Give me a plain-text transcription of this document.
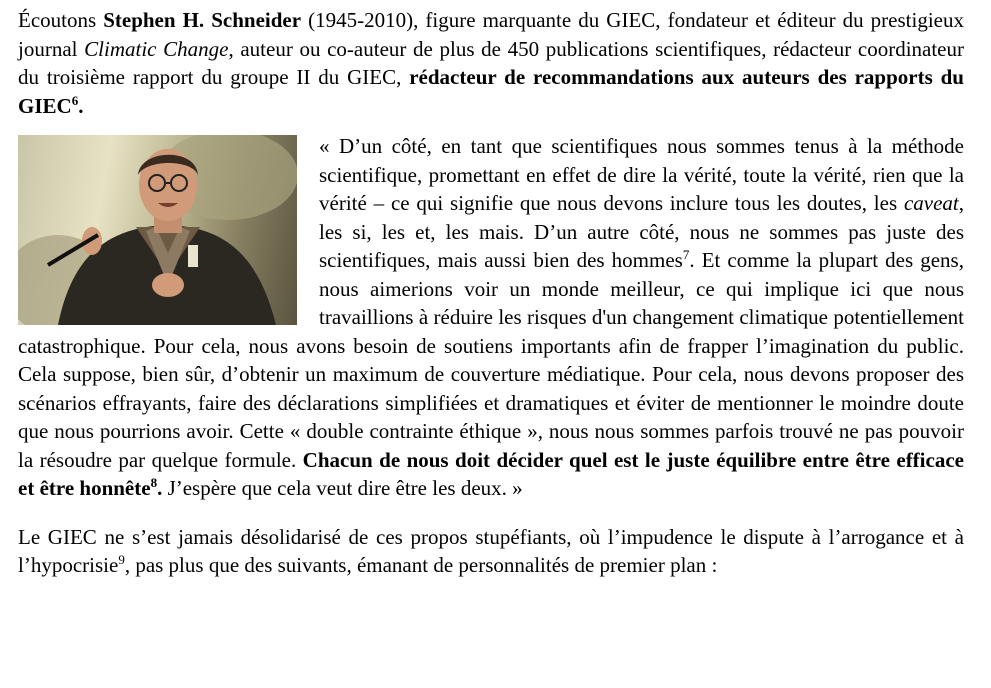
Écoutons Stephen H. Schneider (1945-2010), figure marquante du GIEC, fondateur et éditeur du prestigieux journal Climatic Change, auteur ou co-auteur de plus de 450 publications scientifiques, rédacteur coordinateur du troisième rapport du groupe II du GIEC, rédacteur de recommandations aux auteurs des rapports du GIEC$^6$.

« D’un côté, en tant que scientifiques nous sommes tenus à la méthode scientifique, promettant en effet de dire la vérité, toute la vérité, rien que la vérité – ce qui signifie que nous devons inclure tous les doutes, les caveat, les si, les et, les mais. D’un autre côté, nous ne sommes pas juste des scientifiques, mais aussi bien des hommes$^7$. Et comme la plupart des gens, nous aimerions voir un monde meilleur, ce qui implique ici que nous travaillions à réduire les risques d'un changement climatique potentiellement catastrophique. Pour cela, nous avons besoin de soutiens importants afin de frapper l’imagination du public. Cela suppose, bien sûr, d’obtenir un maximum de couverture médiatique. Pour cela, nous devons proposer des scénarios effrayants, faire des déclarations simplifiées et dramatiques et éviter de mentionner le moindre doute que nous pourrions avoir. Cette « double contrainte éthique », nous nous sommes parfois trouvé ne pas pouvoir la résoudre par quelque formule. Chacun de nous doit décider quel est le juste équilibre entre être efficace et être honnête$^8$. J’espère que cela veut dire être les deux. »

Le GIEC ne s’est jamais désolidarisé de ces propos stupéfiants, où l’impudence le dispute à l’arrogance et à l’hypocrisie$^9$, pas plus que des suivants, émanant de personnalités de premier plan :
